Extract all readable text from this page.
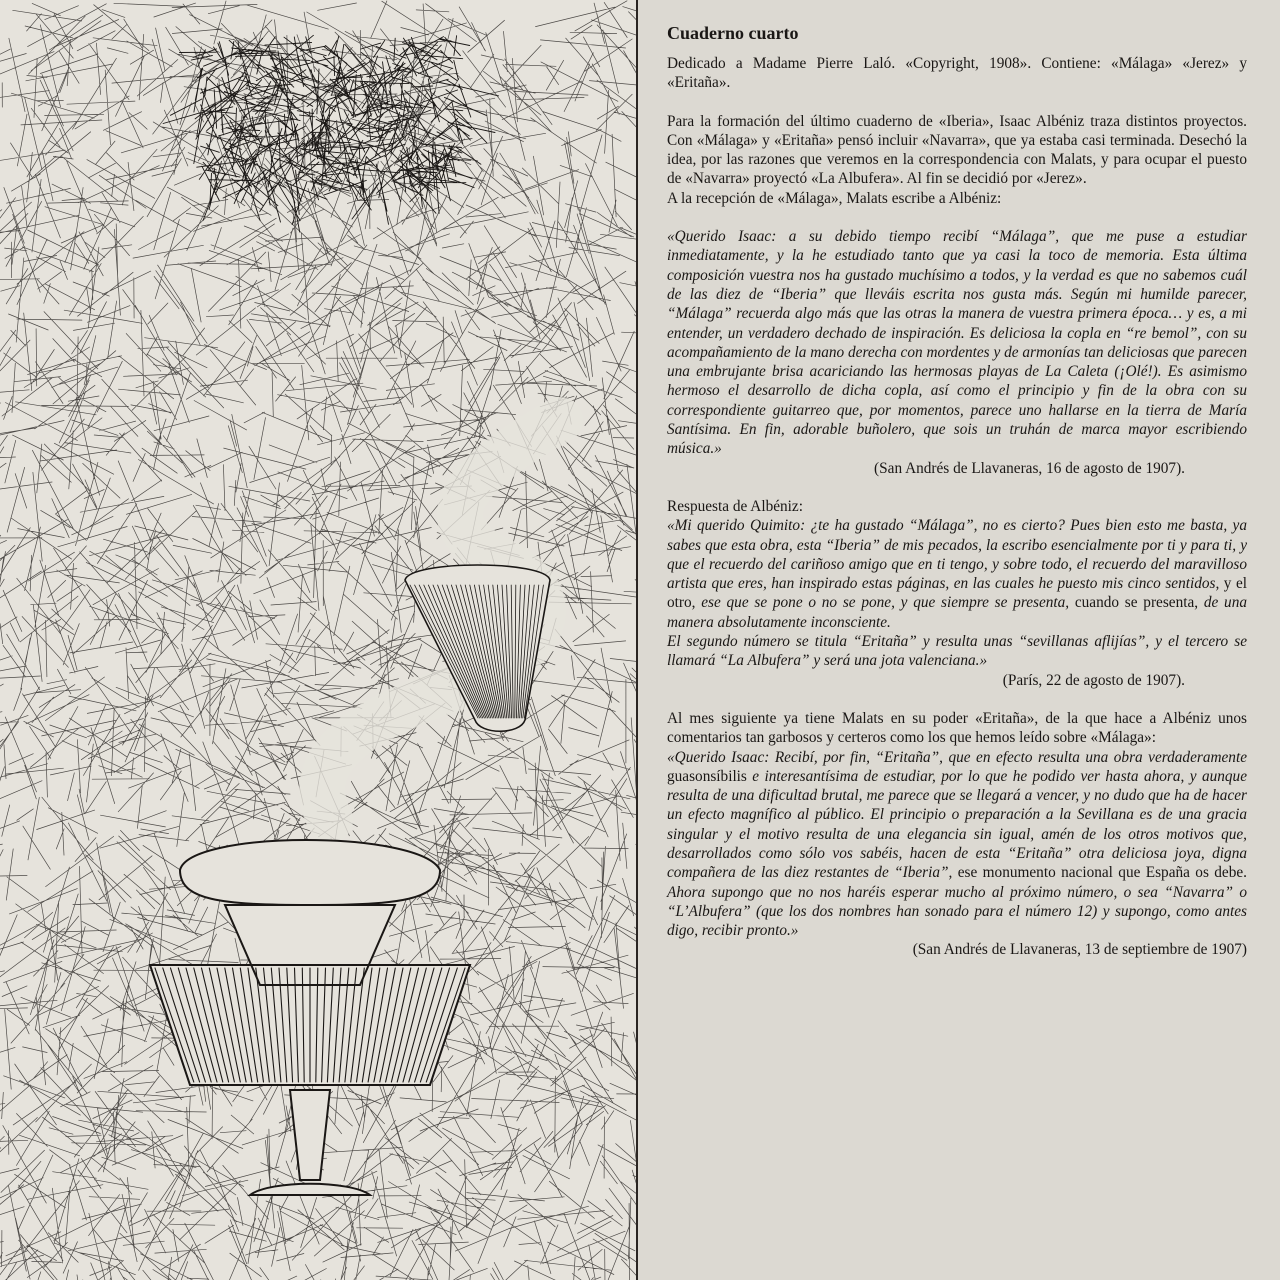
Cuaderno cuarto

Dedicado a Madame Pierre Laló. «Copyright, 1908». Contiene: «Málaga» «Jerez» y «Eritaña».

Para la formación del último cuaderno de «Iberia», Isaac Albéniz traza distintos proyectos. Con «Málaga» y «Eritaña» pensó incluir «Navarra», que ya estaba casi terminada. Desechó la idea, por las razones que veremos en la correspondencia con Malats, y para ocupar el puesto de «Navarra» proyectó «La Albufera». Al fin se decidió por «Jerez».

A la recepción de «Málaga», Malats escribe a Albéniz:

«Querido Isaac: a su debido tiempo recibí “Málaga”, que me puse a estudiar inmediatamente, y la he estudiado tanto que ya casi la toco de memoria. Esta última composición vuestra nos ha gustado muchísimo a todos, y la verdad es que no sabemos cuál de las diez de “Iberia” que lleváis escrita nos gusta más. Según mi humilde parecer, “Málaga” recuerda algo más que las otras la manera de vuestra primera época… y es, a mi entender, un verdadero dechado de inspiración. Es deliciosa la copla en “re bemol”, con su acompañamiento de la mano derecha con mordentes y de armonías tan deliciosas que parecen una embrujante brisa acariciando las hermosas playas de La Caleta (¡Olé!). Es asimismo hermoso el desarrollo de dicha copla, así como el principio y fin de la obra con su correspondiente guitarreo que, por momentos, parece uno hallarse en la tierra de María Santísima. En fin, adorable buñolero, que sois un truhán de marca mayor escribiendo música.»

(San Andrés de Llavaneras, 16 de agosto de 1907).

Respuesta de Albéniz:

«Mi querido Quimito: ¿te ha gustado “Málaga”, no es cierto? Pues bien esto me basta, ya sabes que esta obra, esta “Iberia” de mis pecados, la escribo esencialmente por ti y para ti, y que el recuerdo del cariñoso amigo que en ti tengo, y sobre todo, el recuerdo del maravilloso artista que eres, han inspirado estas páginas, en las cuales he puesto mis cinco sentidos, y el otro, ese que se pone o no se pone, y que siempre se presenta, cuando se presenta, de una manera absolutamente inconsciente.

El segundo número se titula “Eritaña” y resulta unas “sevillanas aflijías”, y el tercero se llamará “La Albufera” y será una jota valenciana.»

(París, 22 de agosto de 1907).

Al mes siguiente ya tiene Malats en su poder «Eritaña», de la que hace a Albéniz unos comentarios tan garbosos y certeros como los que hemos leído sobre «Málaga»:

«Querido Isaac: Recibí, por fin, “Eritaña”, que en efecto resulta una obra verdaderamente guasonsíbilis e interesantísima de estudiar, por lo que he podido ver hasta ahora, y aunque resulta de una dificultad brutal, me parece que se llegará a vencer, y no dudo que ha de hacer un efecto magnífico al público. El principio o preparación a la Sevillana es de una gracia singular y el motivo resulta de una elegancia sin igual, amén de los otros motivos que, desarrollados como sólo vos sabéis, hacen de esta “Eritaña” otra deliciosa joya, digna compañera de las diez restantes de “Iberia”, ese monumento nacional que España os debe. Ahora supongo que no nos haréis esperar mucho al próximo número, o sea “Navarra” o “L’Albufera” (que los dos nombres han sonado para el número 12) y supongo, como antes digo, recibir pronto.»

(San Andrés de Llavaneras, 13 de septiembre de 1907)
